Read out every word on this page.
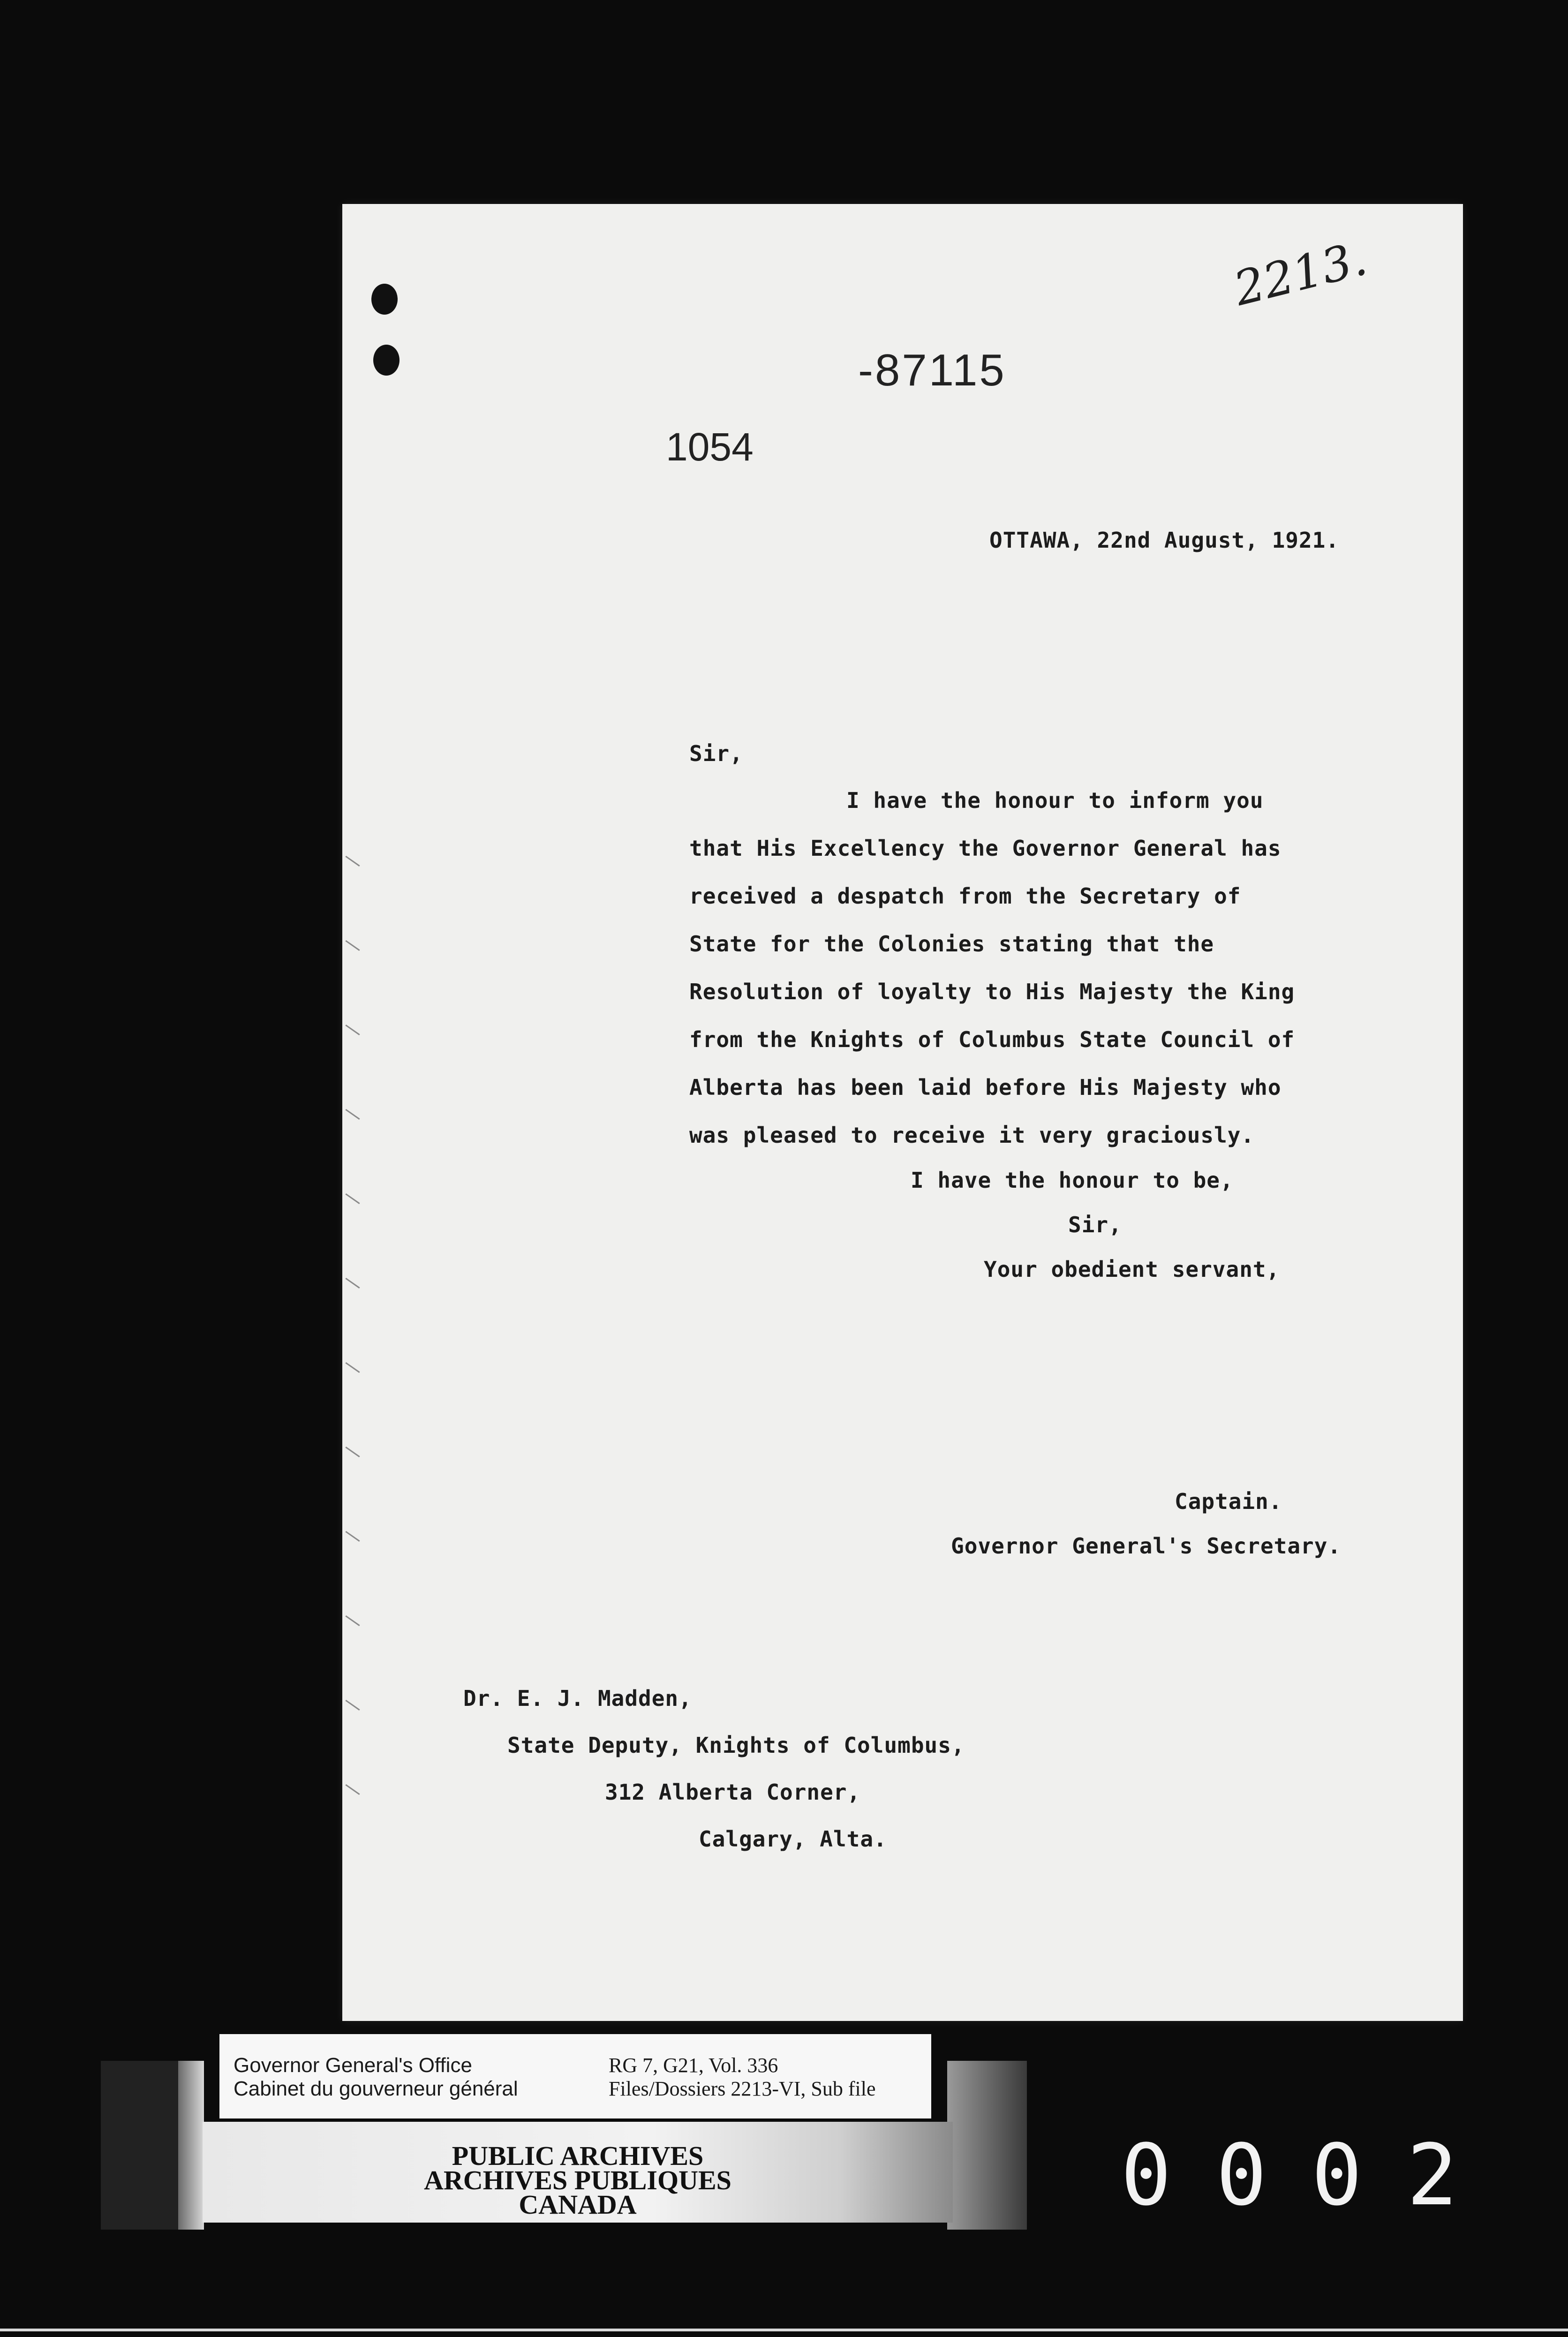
2213.
-87115
1054
OTTAWA, 22nd August, 1921.
Sir,
I have the honour to inform you
that His Excellency the Governor General has
received a despatch from the Secretary of
State for the Colonies stating that the
Resolution of loyalty to His Majesty the King
from the Knights of Columbus State Council of
Alberta has been laid before His Majesty who
was pleased to receive it very graciously.
I have the honour to be,
Sir,
Your obedient servant,
Captain.
Governor General's Secretary.
Dr. E. J. Madden,
State Deputy, Knights of Columbus,
312 Alberta Corner,
Calgary, Alta.
Governor General's Office
Cabinet du gouverneur général
RG 7, G21, Vol. 336
Files/Dossiers 2213-VI, Sub file
PUBLIC ARCHIVES
ARCHIVES PUBLIQUES
CANADA	0002
